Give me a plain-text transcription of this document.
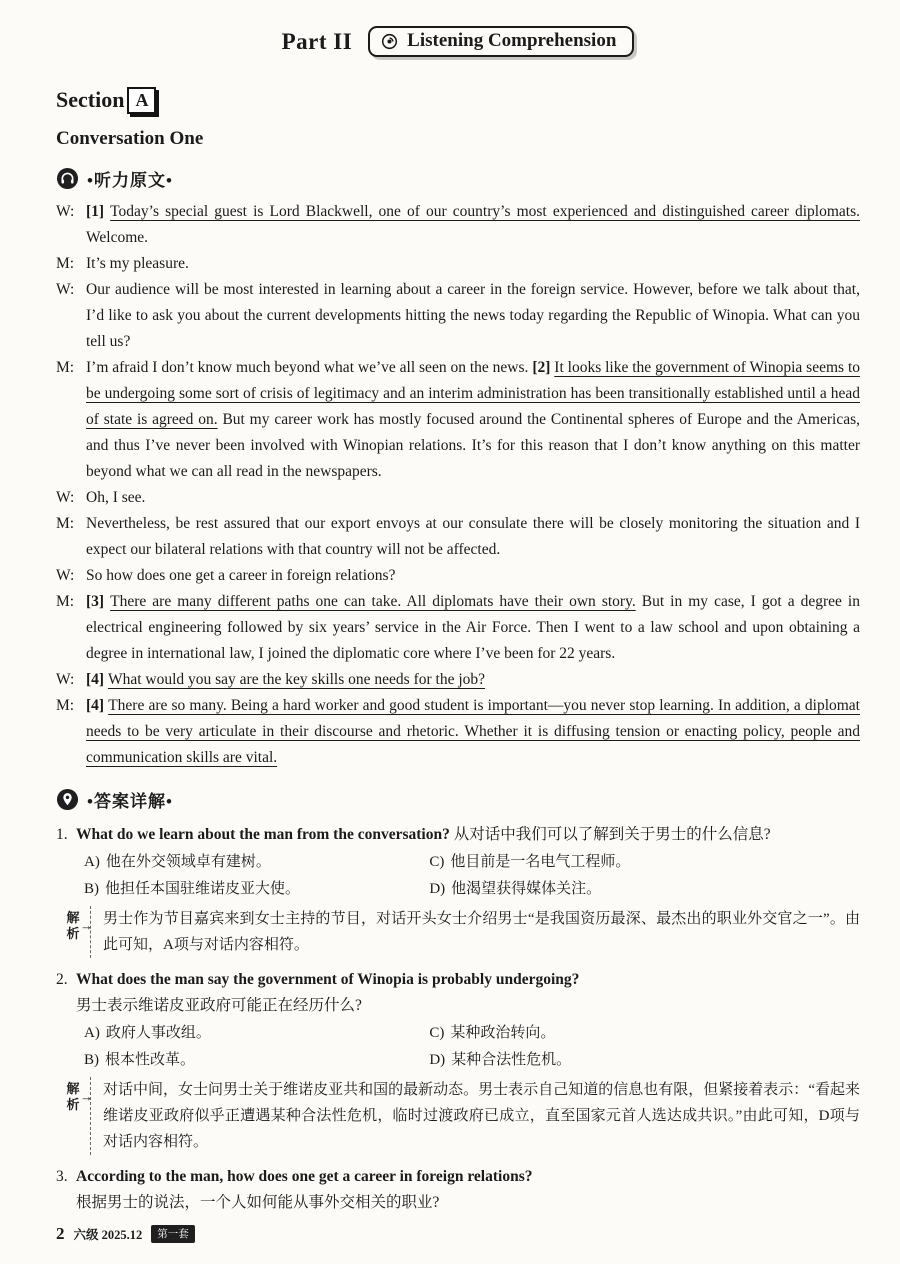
Part II	Listening Comprehension
Section A
Conversation One
•听力原文•
W: [1] Today’s special guest is Lord Blackwell, one of our country’s most experienced and distinguished career diplomats. Welcome.
M: It’s my pleasure.
W: Our audience will be most interested in learning about a career in the foreign service. However, before we talk about that, I’d like to ask you about the current developments hitting the news today regarding the Republic of Winopia. What can you tell us?
M: I’m afraid I don’t know much beyond what we’ve all seen on the news. [2] It looks like the government of Winopia seems to be undergoing some sort of crisis of legitimacy and an interim administration has been transitionally established until a head of state is agreed on. But my career work has mostly focused around the Continental spheres of Europe and the Americas, and thus I’ve never been involved with Winopian relations. It’s for this reason that I don’t know anything on this matter beyond what we can all read in the newspapers.
W: Oh, I see.
M: Nevertheless, be rest assured that our export envoys at our consulate there will be closely monitoring the situation and I expect our bilateral relations with that country will not be affected.
W: So how does one get a career in foreign relations?
M: [3] There are many different paths one can take. All diplomats have their own story. But in my case, I got a degree in electrical engineering followed by six years’ service in the Air Force. Then I went to a law school and upon obtaining a degree in international law, I joined the diplomatic core where I’ve been for 22 years.
W: [4] What would you say are the key skills one needs for the job?
M: [4] There are so many. Being a hard worker and good student is important—you never stop learning. In addition, a diplomat needs to be very articulate in their discourse and rhetoric. Whether it is diffusing tension or enacting policy, people and communication skills are vital.
•答案详解•
1. What do we learn about the man from the conversation? 从对话中我们可以了解到关于男士的什么信息?
A) 他在外交领域卓有建树。	C) 他目前是一名电气工程师。
B) 他担任本国驻维诺皮亚大使。	D) 他渴望获得媒体关注。
解
析
→ 男士作为节目嘉宾来到女士主持的节目，对话开头女士介绍男士“是我国资历最深、最杰出的职业外交官之一”。由此可知，A项与对话内容相符。
2. What does the man say the government of Winopia is probably undergoing?
男士表示维诺皮亚政府可能正在经历什么?
A) 政府人事改组。	C) 某种政治转向。
B) 根本性改革。	D) 某种合法性危机。
解
析
→ 对话中间，女士问男士关于维诺皮亚共和国的最新动态。男士表示自己知道的信息也有限，但紧接着表示：“看起来维诺皮亚政府似乎正遭遇某种合法性危机，临时过渡政府已成立，直至国家元首人选达成共识。”由此可知，D项与对话内容相符。
3. According to the man, how does one get a career in foreign relations?
根据男士的说法，一个人如何能从事外交相关的职业?
2 六级 2025.12	第一套
